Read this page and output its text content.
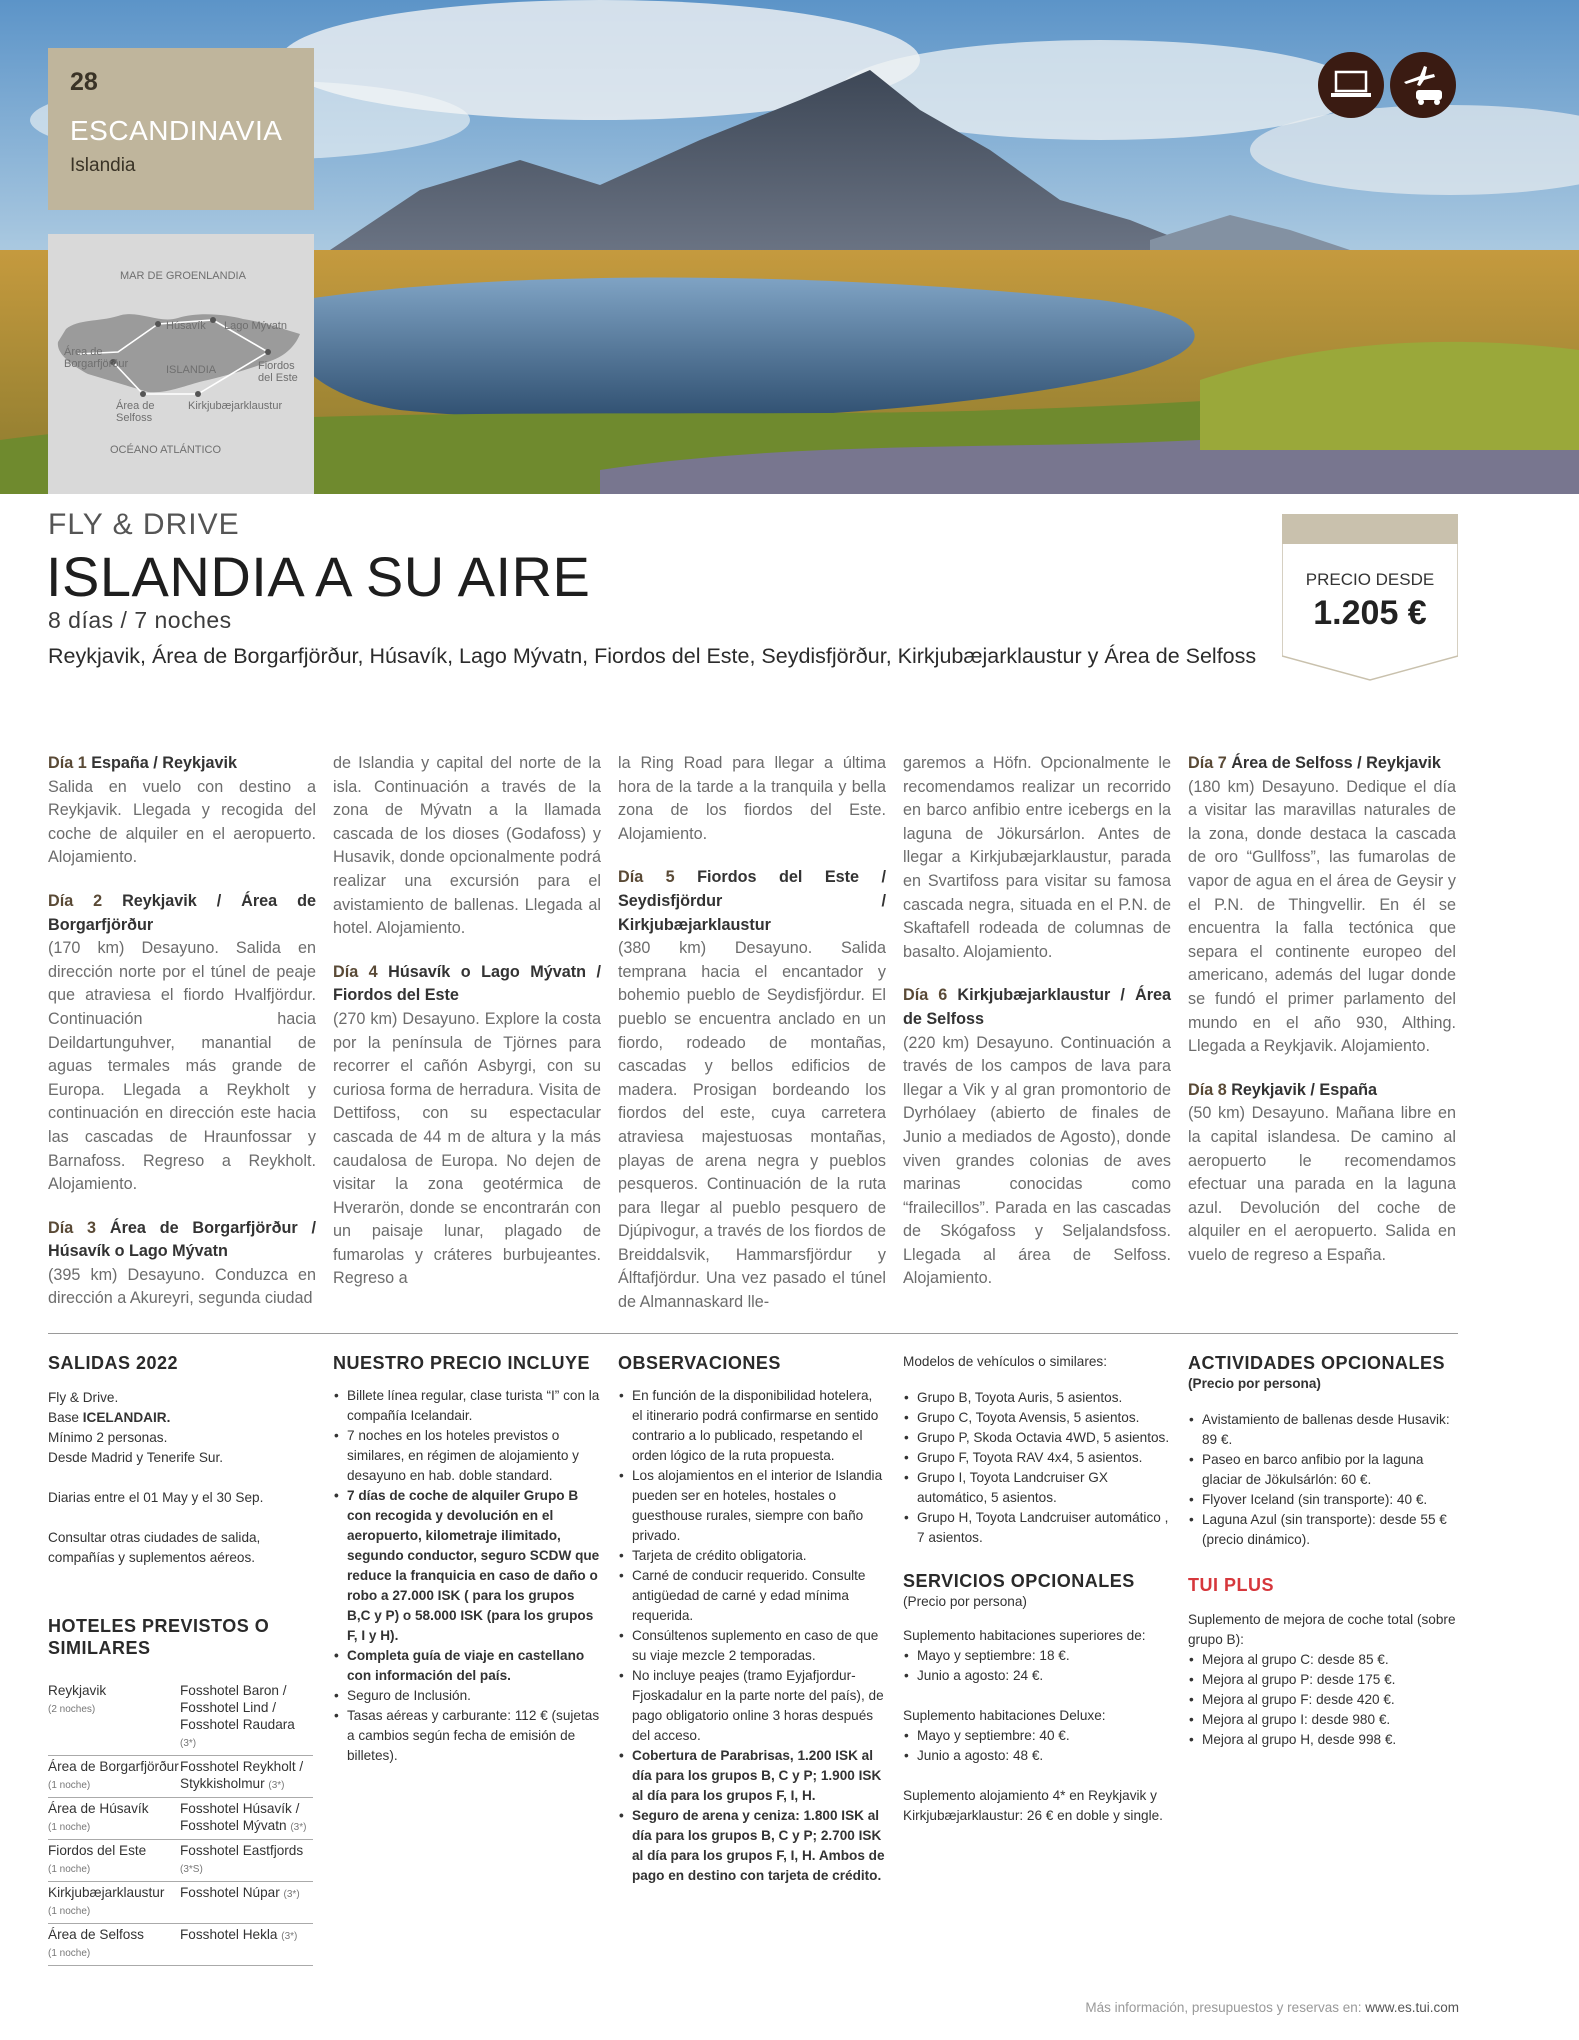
28
ESCANDINAVIA
Islandia
MAR DE GROENLANDIA
Húsavík Lago Mývatn
Área de Borgarfjörður	ISLANDIA	Fiordos del Este
Área de Selfoss
Kirkjubæjarklaustur
OCÉANO ATLÁNTICO
FLY & DRIVE
ISLANDIA A SU AIRE
8 días / 7 noches
Reykjavik, Área de Borgarfjörður, Húsavík, Lago Mývatn, Fiordos del Este, Seydisfjörður, Kirkjubæjarklaustur y Área de Selfoss
PRECIO DESDE
1.205 €

Día 1 España / Reykjavik
Salida en vuelo con destino a Reykjavik. Llegada y recogida del coche de alquiler en el aeropuerto. Alojamiento.

Día 2 Reykjavik / Área de Borgarfjörður
(170 km) Desayuno. Salida en dirección norte por el túnel de peaje que atraviesa el fiordo Hvalfjördur. Continuación hacia Deildartunguhver, manantial de aguas termales más grande de Europa. Llegada a Reykholt y continuación en dirección este hacia las cascadas de Hraunfossar y Barnafoss. Regreso a Reykholt. Alojamiento.

Día 3 Área de Borgarfjörður / Húsavík o Lago Mývatn
(395 km) Desayuno. Conduzca en dirección a Akureyri, segunda ciudad

de Islandia y capital del norte de la isla. Continuación a través de la zona de Mývatn a la llamada cascada de los dioses (Godafoss) y Husavik, donde opcionalmente podrá realizar una excursión para el avistamiento de ballenas. Llegada al hotel. Alojamiento.

Día 4 Húsavík o Lago Mývatn / Fiordos del Este
(270 km) Desayuno. Explore la costa por la península de Tjörnes para recorrer el cañón Asbyrgi, con su curiosa forma de herradura. Visita de Dettifoss, con su espectacular cascada de 44 m de altura y la más caudalosa de Europa. No dejen de visitar la zona geotérmica de Hverarön, donde se encontrarán con un paisaje lunar, plagado de fumarolas y cráteres burbujeantes. Regreso a

la Ring Road para llegar a última hora de la tarde a la tranquila y bella zona de los fiordos del Este. Alojamiento.

Día 5 Fiordos del Este / Seydisfjördur / Kirkjubæjarklaustur
(380 km) Desayuno. Salida temprana hacia el encantador y bohemio pueblo de Seydisfjördur. El pueblo se encuentra anclado en un fiordo, rodeado de montañas, cascadas y bellos edificios de madera. Prosigan bordeando los fiordos del este, cuya carretera atraviesa majestuosas montañas, playas de arena negra y pueblos pesqueros. Continuación de la ruta para llegar al pueblo pesquero de Djúpivogur, a través de los fiordos de Breiddalsvik, Hammarsfjördur y Álftafjördur. Una vez pasado el túnel de Almannaskard lle-

garemos a Höfn. Opcionalmente le recomendamos realizar un recorrido en barco anfibio entre icebergs en la laguna de Jökursárlon. Antes de llegar a Kirkjubæjarklaustur, parada en Svartifoss para visitar su famosa cascada negra, situada en el P.N. de Skaftafell rodeada de columnas de basalto. Alojamiento.

Día 6 Kirkjubæjarklaustur / Área de Selfoss
(220 km) Desayuno. Continuación a través de los campos de lava para llegar a Vik y al gran promontorio de Dyrhólaey (abierto de finales de Junio a mediados de Agosto), donde viven grandes colonias de aves marinas conocidas como “frailecillos”. Parada en las cascadas de Skógafoss y Seljalandsfoss. Llegada al área de Selfoss. Alojamiento.

Día 7 Área de Selfoss / Reykjavik
(180 km) Desayuno. Dedique el día a visitar las maravillas naturales de la zona, donde destaca la cascada de oro “Gullfoss”, las fumarolas de vapor de agua en el área de Geysir y el P.N. de Thingvellir. En él se encuentra la falla tectónica que separa el continente europeo del americano, además del lugar donde se fundó el primer parlamento del mundo en el año 930, Althing. Llegada a Reykjavik. Alojamiento.

Día 8 Reykjavik / España
(50 km) Desayuno. Mañana libre en la capital islandesa. De camino al aeropuerto le recomendamos efectuar una parada en la laguna azul. Devolución del coche de alquiler en el aeropuerto. Salida en vuelo de regreso a España.

SALIDAS 2022
Fly & Drive.
Base ICELANDAIR.
Mínimo 2 personas.
Desde Madrid y Tenerife Sur.
Diarias entre el 01 May y el 30 Sep.
Consultar otras ciudades de salida, compañías y suplementos aéreos.
HOTELES PREVISTOS O SIMILARES
Reykjavik
(2 noches)Fosshotel Baron / Fosshotel Lind / Fosshotel Raudara (3*)
Área de Borgarfjörður
(1 noche)Fosshotel Reykholt / Stykkisholmur (3*)
Área de Húsavík
(1 noche)Fosshotel Húsavík / Fosshotel Mývatn (3*)
Fiordos del Este
(1 noche)Fosshotel Eastfjords (3*S)
Kirkjubæjarklaustur
(1 noche)Fosshotel Núpar (3*)
Área de Selfoss
(1 noche)Fosshotel Hekla (3*)
NUESTRO PRECIO INCLUYE
• Billete línea regular, clase turista “I” con la compañía Icelandair.
• 7 noches en los hoteles previstos o similares, en régimen de alojamiento y desayuno en hab. doble standard.
• 7 días de coche de alquiler Grupo B con recogida y devolución en el aeropuerto, kilometraje ilimitado, segundo conductor, seguro SCDW que reduce la franquicia en caso de daño o robo a 27.000 ISK ( para los grupos B,C y P) o 58.000 ISK (para los grupos F, I y H).
• Completa guía de viaje en castellano con información del país.
• Seguro de Inclusión.
• Tasas aéreas y carburante: 112 € (sujetas a cambios según fecha de emisión de billetes).
OBSERVACIONES
• En función de la disponibilidad hotelera, el itinerario podrá confirmarse en sentido contrario a lo publicado, respetando el orden lógico de la ruta propuesta.
• Los alojamientos en el interior de Islandia pueden ser en hoteles, hostales o guesthouse rurales, siempre con baño privado.
• Tarjeta de crédito obligatoria.
• Carné de conducir requerido. Consulte antigüedad de carné y edad mínima requerida.
• Consúltenos suplemento en caso de que su viaje mezcle 2 temporadas.
• No incluye peajes (tramo Eyjafjordur-Fjoskadalur en la parte norte del país), de pago obligatorio online 3 horas después del acceso.
• Cobertura de Parabrisas, 1.200 ISK al día para los grupos B, C y P; 1.900 ISK al día para los grupos F, I, H.
• Seguro de arena y ceniza: 1.800 ISK al día para los grupos B, C y P; 2.700 ISK al día para los grupos F, I, H. Ambos de pago en destino con tarjeta de crédito.
Modelos de vehículos o similares:
• Grupo B, Toyota Auris, 5 asientos.
• Grupo C, Toyota Avensis, 5 asientos.
• Grupo P, Skoda Octavia 4WD, 5 asientos.
• Grupo F, Toyota RAV 4x4, 5 asientos.
• Grupo I, Toyota Landcruiser GX automático, 5 asientos.
• Grupo H, Toyota Landcruiser automático , 7 asientos.
SERVICIOS OPCIONALES
(Precio por persona)
Suplemento habitaciones superiores de:
• Mayo y septiembre: 18 €.
• Junio a agosto: 24 €.
Suplemento habitaciones Deluxe:
• Mayo y septiembre: 40 €.
• Junio a agosto: 48 €.
Suplemento alojamiento 4* en Reykjavik y Kirkjubæjarklaustur: 26 € en doble y single.
ACTIVIDADES OPCIONALES
(Precio por persona)
• Avistamiento de ballenas desde Husavik: 89 €.
• Paseo en barco anfibio por la laguna glaciar de Jökulsárlón: 60 €.
• Flyover Iceland (sin transporte): 40 €.
• Laguna Azul (sin transporte): desde 55 € (precio dinámico).
TUI PLUS
Suplemento de mejora de coche total (sobre grupo B):
• Mejora al grupo C: desde 85 €.
• Mejora al grupo P: desde 175 €.
• Mejora al grupo F: desde 420 €.
• Mejora al grupo I: desde 980 €.
• Mejora al grupo H, desde 998 €.
Más información, presupuestos y reservas en: www.es.tui.com
